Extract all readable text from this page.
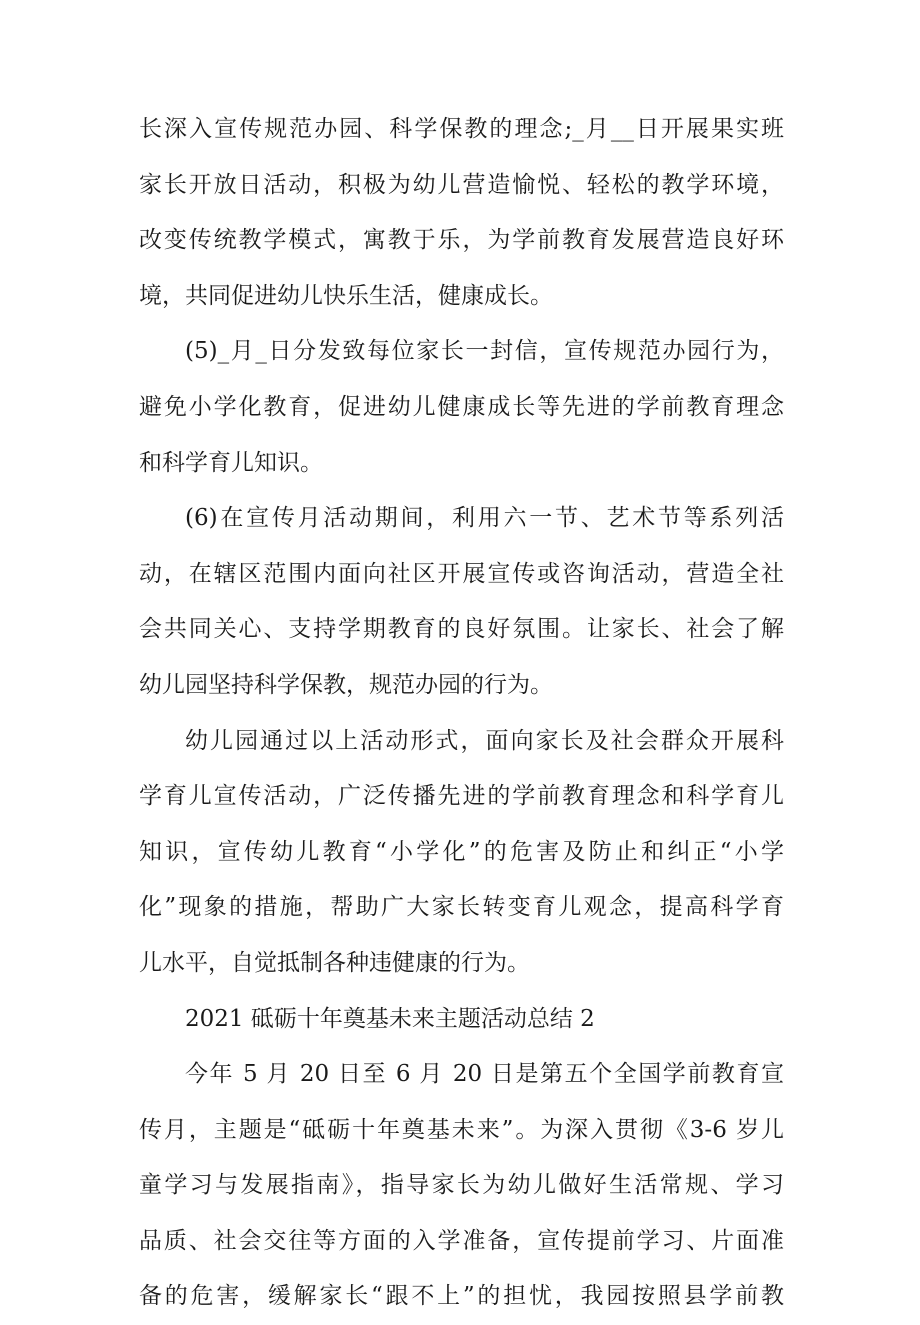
长深入宣传规范办园、科学保教的理念;_月__日开展果实班
家长开放日活动，积极为幼儿营造愉悦、轻松的教学环境，
改变传统教学模式，寓教于乐，为学前教育发展营造良好环
境，共同促进幼儿快乐生活，健康成长。
(5)_月_日分发致每位家长一封信，宣传规范办园行为，
避免小学化教育，促进幼儿健康成长等先进的学前教育理念
和科学育儿知识。
(6)在宣传月活动期间，利用六一节、艺术节等系列活
动，在辖区范围内面向社区开展宣传或咨询活动，营造全社
会共同关心、支持学期教育的良好氛围。让家长、社会了解
幼儿园坚持科学保教，规范办园的行为。
幼儿园通过以上活动形式，面向家长及社会群众开展科
学育儿宣传活动，广泛传播先进的学前教育理念和科学育儿
知识，宣传幼儿教育“小学化”的危害及防止和纠正“小学
化”现象的措施，帮助广大家长转变育儿观念，提高科学育
儿水平，自觉抵制各种违健康的行为。
2021 砥砺十年奠基未来主题活动总结 2
今年 5 月 20 日至 6 月 20 日是第五个全国学前教育宣
传月，主题是“砥砺十年奠基未来”。为深入贯彻《3-6 岁儿
童学习与发展指南》，指导家长为幼儿做好生活常规、学习
品质、社会交往等方面的入学准备，宣传提前学习、片面准
备的危害，缓解家长“跟不上”的担忧，我园按照县学前教
